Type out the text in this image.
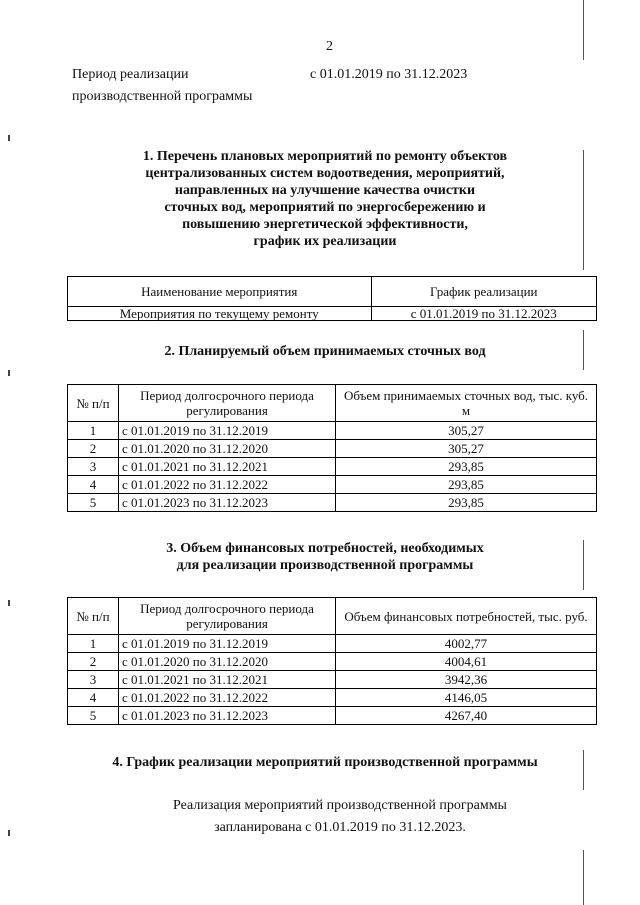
2
Период реализации производственной программы
с 01.01.2019 по 31.12.2023
1. Перечень плановых мероприятий по ремонту объектов
централизованных систем водоотведения, мероприятий,
направленных на улучшение качества очистки
сточных вод, мероприятий по энергосбережению и
повышению энергетической эффективности,
график их реализации
Наименование мероприятия	График реализации
Мероприятия по текущему ремонту	с 01.01.2019 по 31.12.2023
2. Планируемый объем принимаемых сточных вод
№ п/п	Период долгосрочного периода регулирования	Объем принимаемых сточных вод, тыс. куб. м
1	с 01.01.2019 по 31.12.2019	305,27
2	с 01.01.2020 по 31.12.2020	305,27
3	с 01.01.2021 по 31.12.2021	293,85
4	с 01.01.2022 по 31.12.2022	293,85
5	с 01.01.2023 по 31.12.2023	293,85
3. Объем финансовых потребностей, необходимых
для реализации производственной программы
№ п/п	Период долгосрочного периода регулирования	Объем финансовых потребностей, тыс. руб.
1	с 01.01.2019 по 31.12.2019	4002,77
2	с 01.01.2020 по 31.12.2020	4004,61
3	с 01.01.2021 по 31.12.2021	3942,36
4	с 01.01.2022 по 31.12.2022	4146,05
5	с 01.01.2023 по 31.12.2023	4267,40
4. График реализации мероприятий производственной программы
Реализация мероприятий производственной программы запланирована с 01.01.2019 по 31.12.2023.
